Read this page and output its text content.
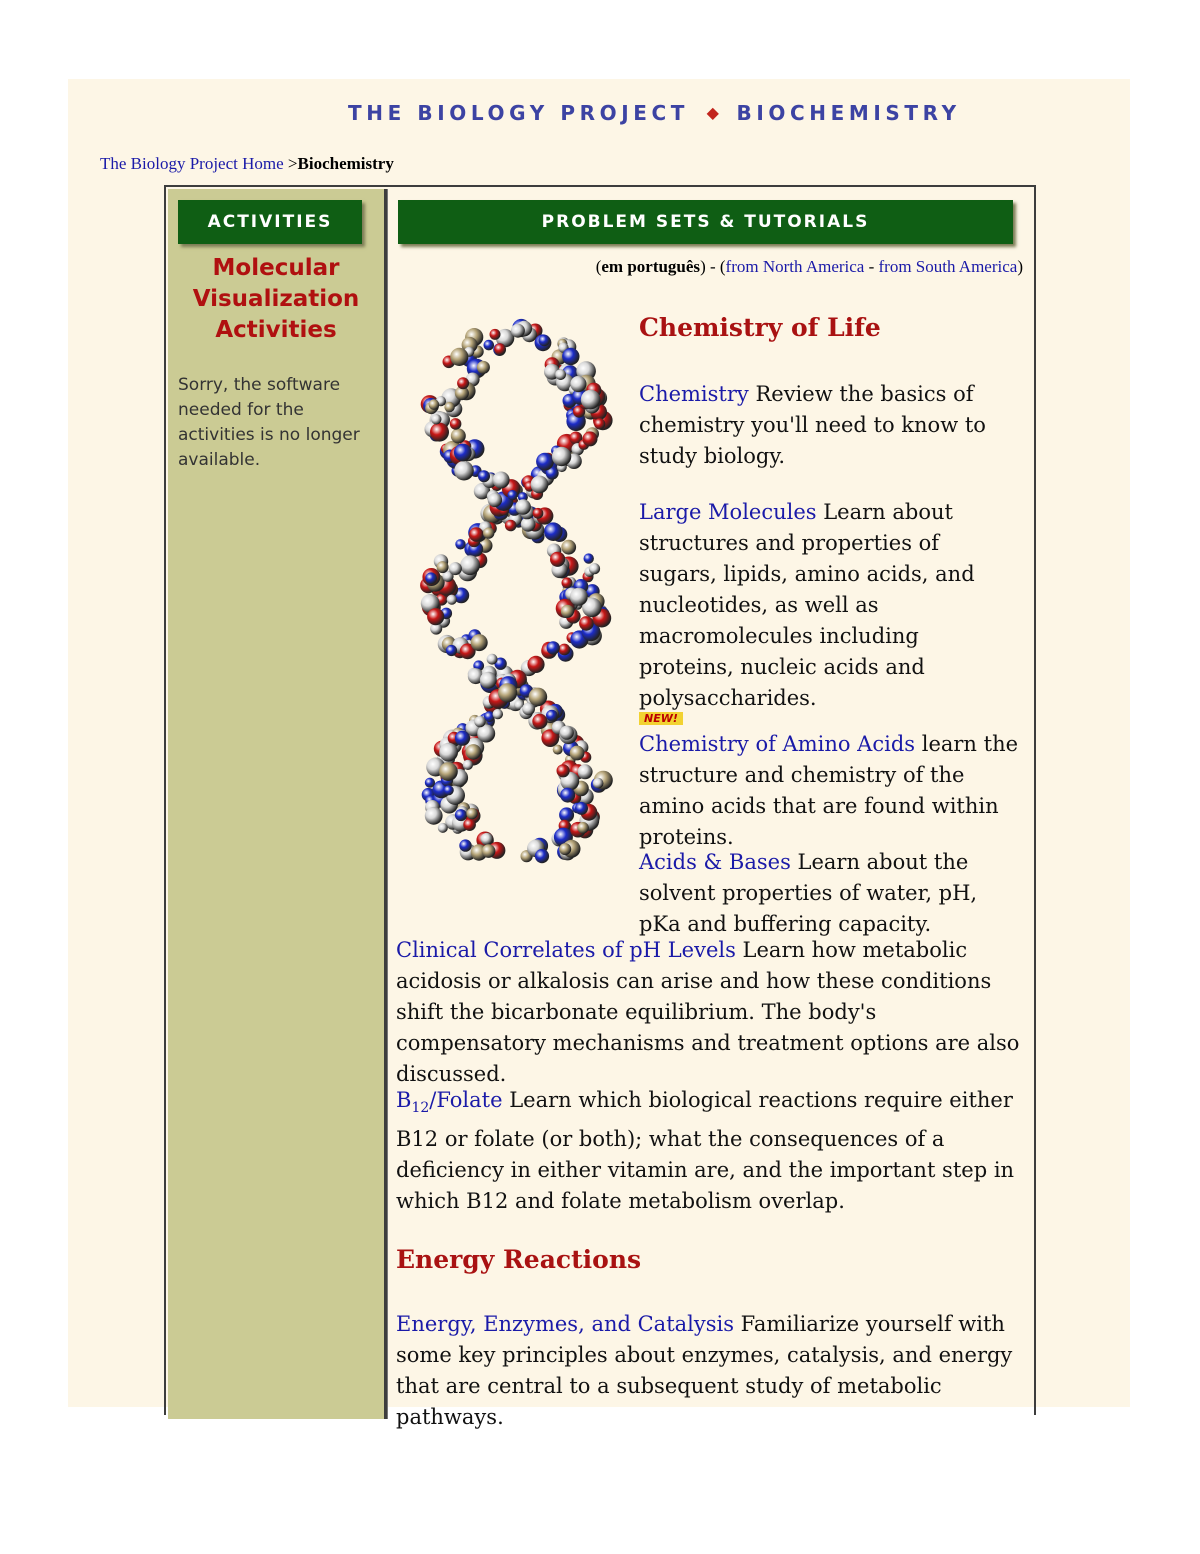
THE BIOLOGY PROJECT ◆ BIOCHEMISTRY
The Biology Project Home >Biochemistry
ACTIVITIES
Molecular Visualization Activities
Sorry, the software needed for the activities is no longer available.
PROBLEM SETS & TUTORIALS
(em português) - (from North America - from South America)
Chemistry of Life
Chemistry Review the basics of chemistry you'll need to know to study biology.
Large Molecules Learn about structures and properties of sugars, lipids, amino acids, and nucleotides, as well as macromolecules including proteins, nucleic acids and polysaccharides.
NEW!
Chemistry of Amino Acids learn the structure and chemistry of the amino acids that are found within proteins.
Acids & Bases Learn about the solvent properties of water, pH, pKa and buffering capacity.
Clinical Correlates of pH Levels Learn how metabolic acidosis or alkalosis can arise and how these conditions shift the bicarbonate equilibrium. The body's compensatory mechanisms and treatment options are also discussed.
$B_{12}$/Folate Learn which biological reactions require either B12 or folate (or both); what the consequences of a deficiency in either vitamin are, and the important step in which B12 and folate metabolism overlap.
Energy Reactions
Energy, Enzymes, and Catalysis Familiarize yourself with some key principles about enzymes, catalysis, and energy that are central to a subsequent study of metabolic pathways.
